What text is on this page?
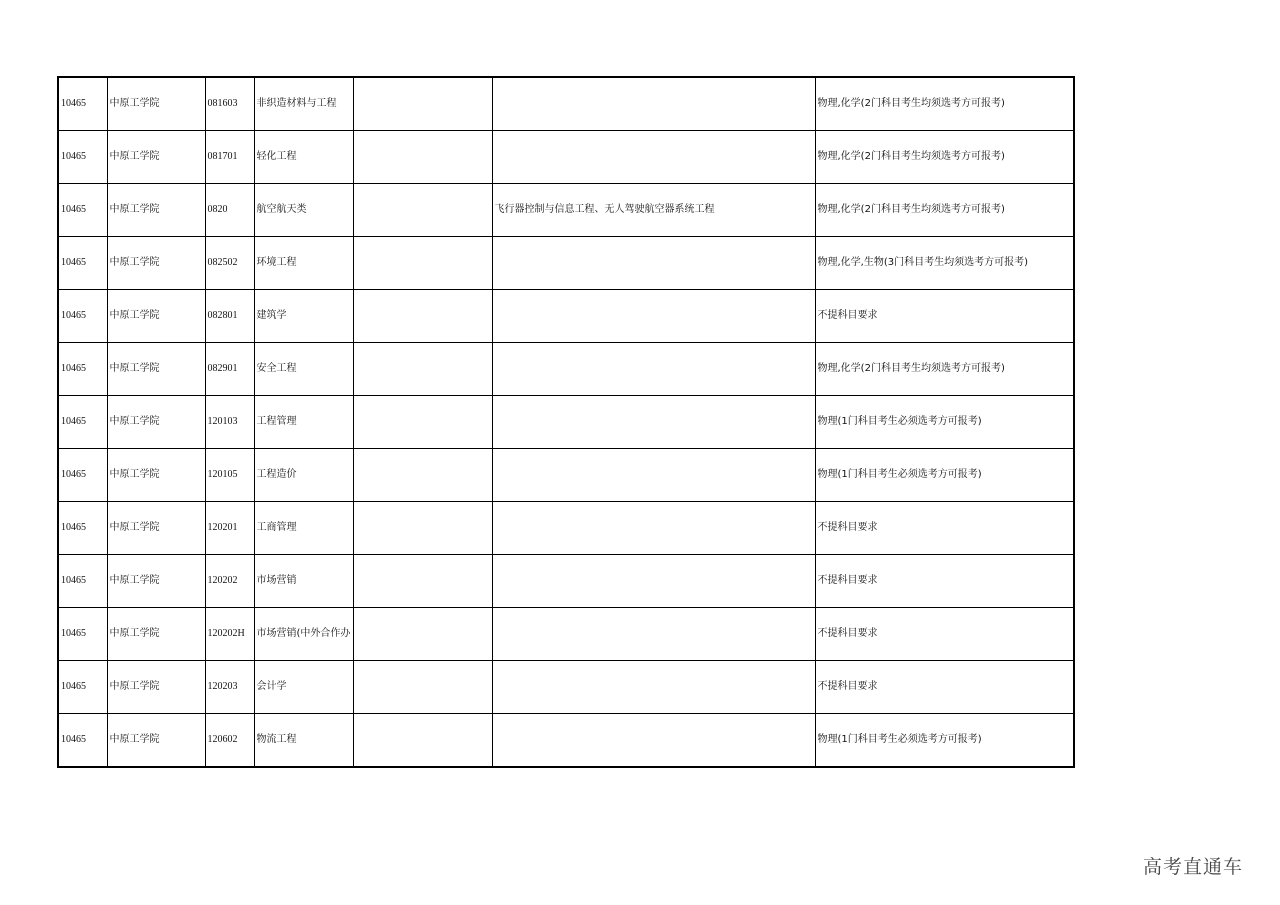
10465	中原工学院	081603	非织造材料与工程			物理,化学(2门科目考生均须选考方可报考)
10465	中原工学院	081701	轻化工程			物理,化学(2门科目考生均须选考方可报考)
10465	中原工学院	0820	航空航天类		飞行器控制与信息工程、无人驾驶航空器系统工程	物理,化学(2门科目考生均须选考方可报考)
10465	中原工学院	082502	环境工程			物理,化学,生物(3门科目考生均须选考方可报考)
10465	中原工学院	082801	建筑学			不提科目要求
10465	中原工学院	082901	安全工程			物理,化学(2门科目考生均须选考方可报考)
10465	中原工学院	120103	工程管理			物理(1门科目考生必须选考方可报考)
10465	中原工学院	120105	工程造价			物理(1门科目考生必须选考方可报考)
10465	中原工学院	120201	工商管理			不提科目要求
10465	中原工学院	120202	市场营销			不提科目要求
10465	中原工学院	120202H	市场营销(中外合作办			不提科目要求
10465	中原工学院	120203	会计学			不提科目要求
10465	中原工学院	120602	物流工程			物理(1门科目考生必须选考方可报考)
高考直通车
